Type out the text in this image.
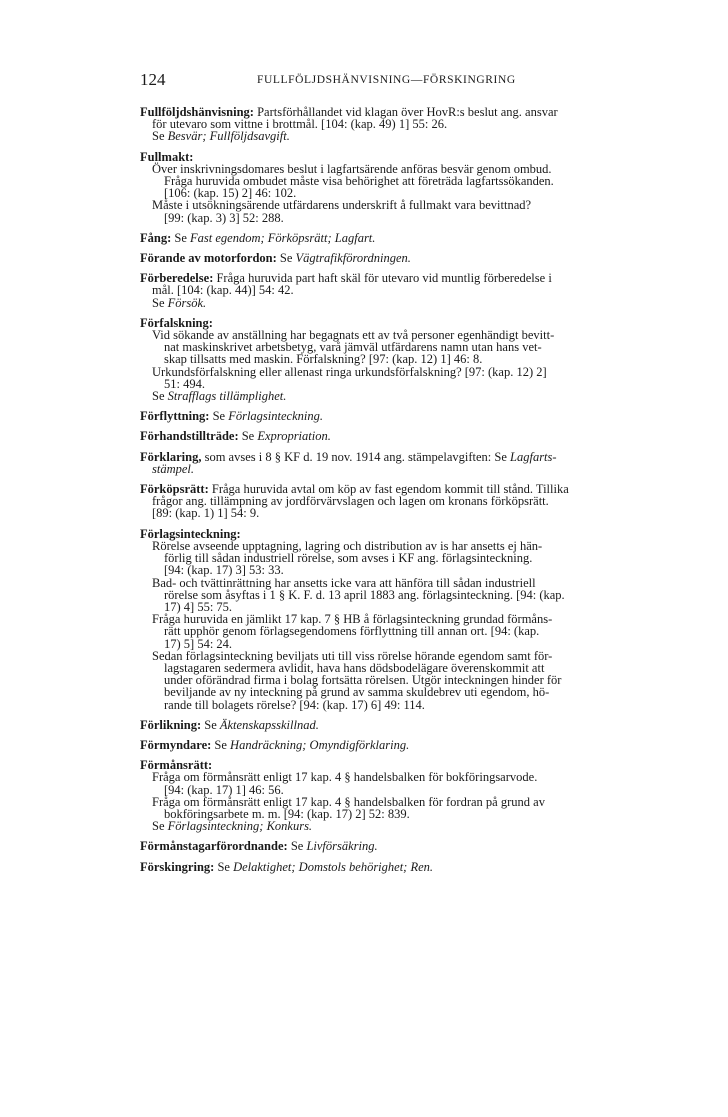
124	FULLFÖLJDSHÄNVISNING—FÖRSKINGRING
Fullföljdshänvisning: Partsförhållandet vid klagan över HovR:s beslut ang. ansvar
för utevaro som vittne i brottmål. [104: (kap. 49) 1] 55: 26.
Se Besvär; Fullföljdsavgift.
Fullmakt:
Över inskrivningsdomares beslut i lagfartsärende anföras besvär genom ombud.
Fråga huruvida ombudet måste visa behörighet att företräda lagfartssökanden.
[106: (kap. 15) 2] 46: 102.
Måste i utsökningsärende utfärdarens underskrift å fullmakt vara bevittnad?
[99: (kap. 3) 3] 52: 288.
Fång: Se Fast egendom; Förköpsrätt; Lagfart.
Förande av motorfordon: Se Vägtrafikförordningen.
Förberedelse: Fråga huruvida part haft skäl för utevaro vid muntlig förberedelse i
mål. [104: (kap. 44)] 54: 42.
Se Försök.
Förfalskning:
Vid sökande av anställning har begagnats ett av två personer egenhändigt bevitt-
nat maskinskrivet arbetsbetyg, varå jämväl utfärdarens namn utan hans vet-
skap tillsatts med maskin. Förfalskning? [97: (kap. 12) 1] 46: 8.
Urkundsförfalskning eller allenast ringa urkundsförfalskning? [97: (kap. 12) 2]
51: 494.
Se Strafflags tillämplighet.
Förflyttning: Se Förlagsinteckning.
Förhandstillträde: Se Expropriation.
Förklaring, som avses i 8 § KF d. 19 nov. 1914 ang. stämpelavgiften: Se Lagfarts-
stämpel.
Förköpsrätt: Fråga huruvida avtal om köp av fast egendom kommit till stånd. Tillika
frågor ang. tillämpning av jordförvärvslagen och lagen om kronans förköpsrätt.
[89: (kap. 1) 1] 54: 9.
Förlagsinteckning:
Rörelse avseende upptagning, lagring och distribution av is har ansetts ej hän-
förlig till sådan industriell rörelse, som avses i KF ang. förlagsinteckning.
[94: (kap. 17) 3] 53: 33.
Bad- och tvättinrättning har ansetts icke vara att hänföra till sådan industriell
rörelse som åsyftas i 1 § K. F. d. 13 april 1883 ang. förlagsinteckning. [94: (kap.
17) 4] 55: 75.
Fråga huruvida en jämlikt 17 kap. 7 § HB å förlagsinteckning grundad förmåns-
rätt upphör genom förlagsegendomens förflyttning till annan ort. [94: (kap.
17) 5] 54: 24.
Sedan förlagsinteckning beviljats uti till viss rörelse hörande egendom samt för-
lagstagaren sedermera avlidit, hava hans dödsbodelägare överenskommit att
under oförändrad firma i bolag fortsätta rörelsen. Utgör inteckningen hinder för
beviljande av ny inteckning på grund av samma skuldebrev uti egendom, hö-
rande till bolagets rörelse? [94: (kap. 17) 6] 49: 114.
Förlikning: Se Äktenskapsskillnad.
Förmyndare: Se Handräckning; Omyndigförklaring.
Förmånsrätt:
Fråga om förmånsrätt enligt 17 kap. 4 § handelsbalken för bokföringsarvode.
[94: (kap. 17) 1] 46: 56.
Fråga om förmånsrätt enligt 17 kap. 4 § handelsbalken för fordran på grund av
bokföringsarbete m. m. [94: (kap. 17) 2] 52: 839.
Se Förlagsinteckning; Konkurs.
Förmånstagarförordnande: Se Livförsäkring.
Förskingring: Se Delaktighet; Domstols behörighet; Ren.
